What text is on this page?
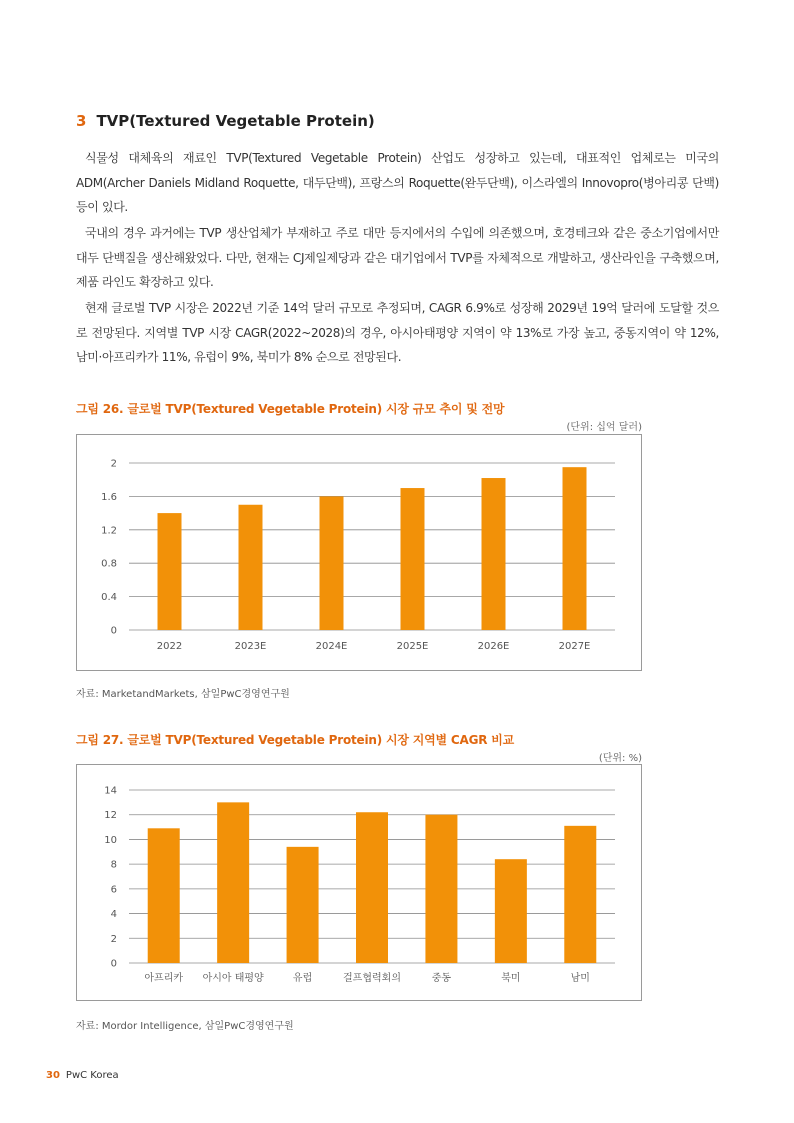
3 TVP(Textured Vegetable Protein)

식물성 대체육의 재료인 TVP(Textured Vegetable Protein) 산업도 성장하고 있는데, 대표적인 업체로는 미국의 ADM(Archer Daniels Midland Roquette, 대두단백), 프랑스의 Roquette(완두단백), 이스라엘의 Innovopro(병아리콩 단백) 등이 있다.

국내의 경우 과거에는 TVP 생산업체가 부재하고 주로 대만 등지에서의 수입에 의존했으며, 호경테크와 같은 중소기업에서만 대두 단백질을 생산해왔었다. 다만, 현재는 CJ제일제당과 같은 대기업에서 TVP를 자체적으로 개발하고, 생산라인을 구축했으며, 제품 라인도 확장하고 있다.

현재 글로벌 TVP 시장은 2022년 기준 14억 달러 규모로 추정되며, CAGR 6.9%로 성장해 2029년 19억 달러에 도달할 것으로 전망된다. 지역별 TVP 시장 CAGR(2022~2028)의 경우, 아시아태평양 지역이 약 13%로 가장 높고, 중동지역이 약 12%, 남미·아프리카가 11%, 유럽이 9%, 북미가 8% 순으로 전망된다.

그림 26. 글로벌 TVP(Textured Vegetable Protein) 시장 규모 추이 및 전망
(단위: 십억 달러)
0
0.4
0.8
1.2
1.6
2
2022	2023E	2024E	2025E	2026E	2027E
자료: MarketandMarkets, 삼일PwC경영연구원
그림 27. 글로벌 TVP(Textured Vegetable Protein) 시장 지역별 CAGR 비교
(단위: %)
0
2
4
6
8
10
12
14
아프리카 아시아 태평양	유럽	걸프협력회의	중동	북미	남미
자료: Mordor Intelligence, 삼일PwC경영연구원
30 PwC Korea
